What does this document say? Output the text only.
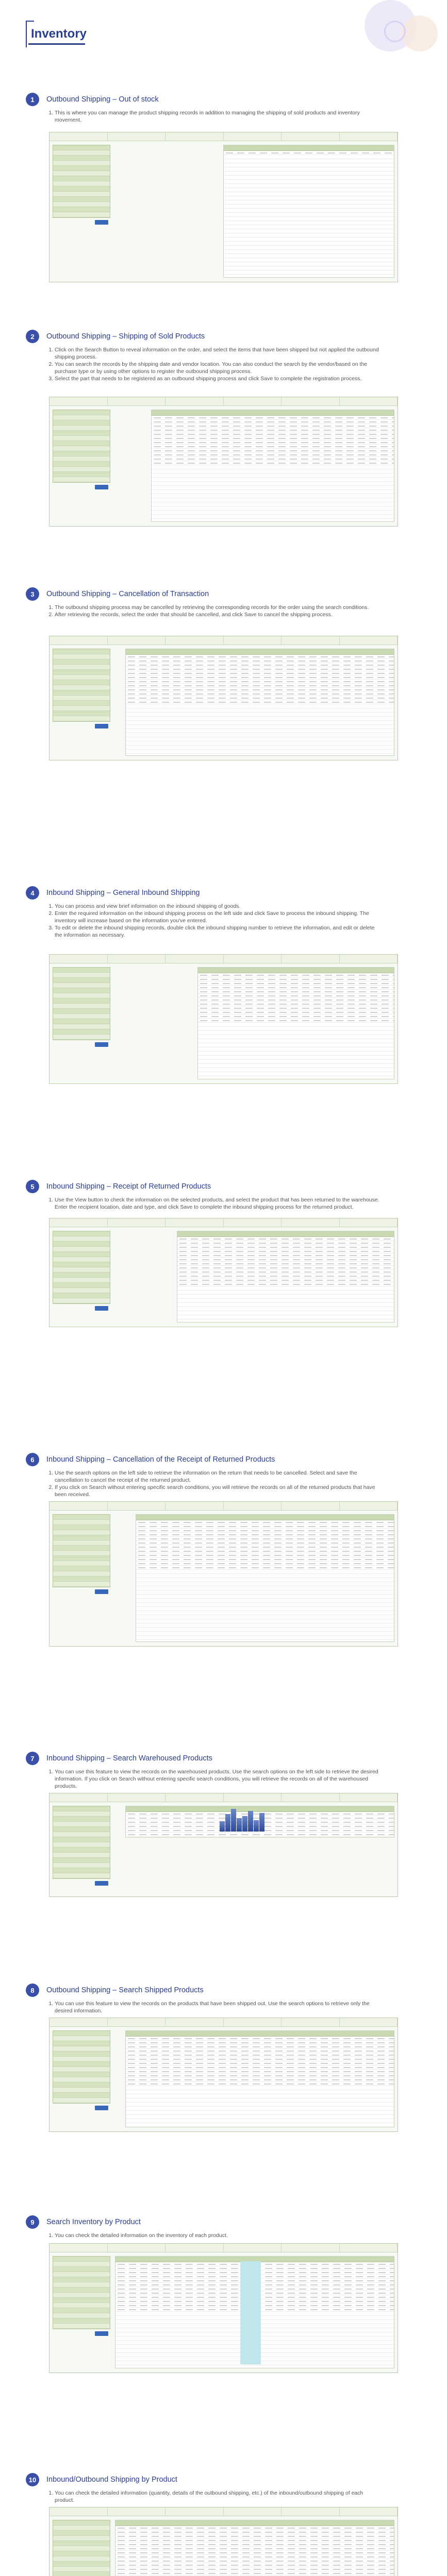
Inventory
1	Outbound Shipping – Out of stock
1. This is where you can manage the product shipping records in addition to managing the shipping of sold products and inventory movement.
2	Outbound Shipping – Shipping of Sold Products
1. Click on the Search Button to reveal information on the order, and select the items that have been shipped but not applied the outbound shipping process.
2. You can search the records by the shipping date and vendor location. You can also conduct the search by the vendor/based on the purchase type or by using other options to register the outbound shipping process.
3. Select the part that needs to be registered as an outbound shipping process and click Save to complete the registration process.
3	Outbound Shipping – Cancellation of Transaction
1. The outbound shipping process may be cancelled by retrieving the corresponding records for the order using the search conditions.
2. After retrieving the records, select the order that should be cancelled, and click Save to cancel the shipping process.
4	Inbound Shipping – General Inbound Shipping
1. You can process and view brief information on the inbound shipping of goods.
2. Enter the required information on the inbound shipping process on the left side and click Save to process the inbound shipping. The inventory will increase based on the information you've entered.
3. To edit or delete the inbound shipping records, double click the inbound shipping number to retrieve the information, and edit or delete the information as necessary.
5	Inbound Shipping – Receipt of Returned Products
1. Use the View button to check the information on the selected products, and select the product that has been returned to the warehouse. Enter the recipient location, date and type, and click Save to complete the inbound shipping process for the returned product.
6	Inbound Shipping – Cancellation of the Receipt of Returned Products
1. Use the search options on the left side to retrieve the information on the return that needs to be cancelled. Select and save the cancellation to cancel the receipt of the returned product.
2. If you click on Search without entering specific search conditions, you will retrieve the records on all of the returned products that have been received.
7	Inbound Shipping – Search Warehoused Products
1. You can use this feature to view the records on the warehoused products. Use the search options on the left side to retrieve the desired information. If you click on Search without entering specific search conditions, you will retrieve the records on all of the warehoused products.
8	Outbound Shipping – Search Shipped Products
1. You can use this feature to view the records on the products that have been shipped out. Use the search options to retrieve only the desired information.
9	Search Inventory by Product
1. You can check the detailed information on the inventory of each product.
10	Inbound/Outbound Shipping by Product
1. You can check the detailed information (quantity, details of the outbound shipping, etc.) of the inbound/outbound shipping of each product.
